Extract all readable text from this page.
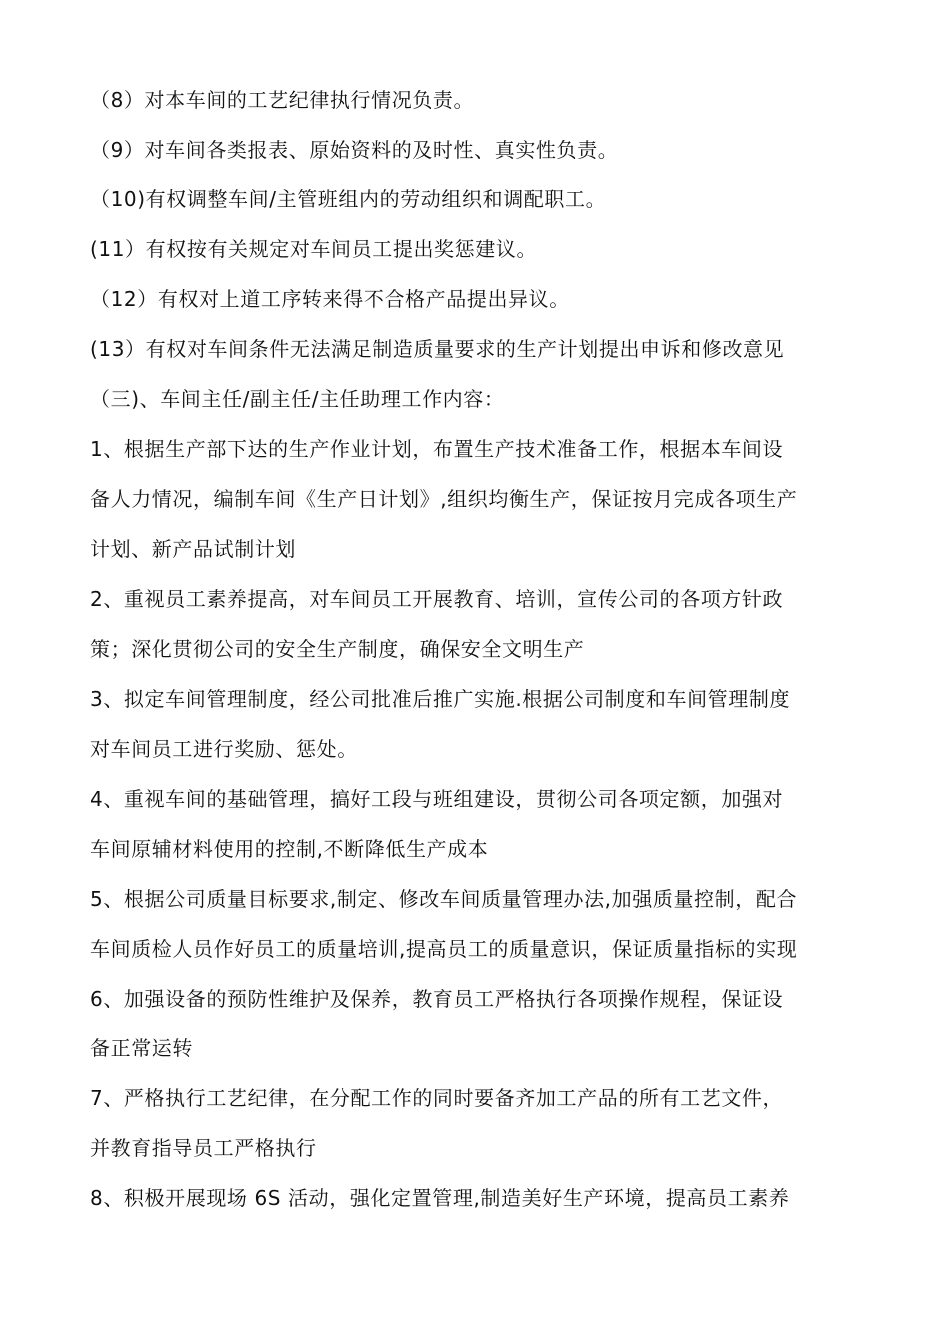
（8）对本车间的工艺纪律执行情况负责。
（9）对车间各类报表、原始资料的及时性、真实性负责。
（10)有权调整车间/主管班组内的劳动组织和调配职工。
(11）有权按有关规定对车间员工提出奖惩建议。
（12）有权对上道工序转来得不合格产品提出异议。
(13）有权对车间条件无法满足制造质量要求的生产计划提出申诉和修改意见
（三)、车间主任/副主任/主任助理工作内容：
1、根据生产部下达的生产作业计划，布置生产技术准备工作，根据本车间设
备人力情况，编制车间《生产日计划》,组织均衡生产，保证按月完成各项生产
计划、新产品试制计划
2、重视员工素养提高，对车间员工开展教育、培训，宣传公司的各项方针政
策；深化贯彻公司的安全生产制度，确保安全文明生产
3、拟定车间管理制度，经公司批准后推广实施.根据公司制度和车间管理制度
对车间员工进行奖励、惩处。
4、重视车间的基础管理，搞好工段与班组建设，贯彻公司各项定额，加强对
车间原辅材料使用的控制,不断降低生产成本
5、根据公司质量目标要求,制定、修改车间质量管理办法,加强质量控制，配合
车间质检人员作好员工的质量培训,提高员工的质量意识，保证质量指标的实现
6、加强设备的预防性维护及保养，教育员工严格执行各项操作规程，保证设
备正常运转
7、严格执行工艺纪律，在分配工作的同时要备齐加工产品的所有工艺文件，
并教育指导员工严格执行
8、积极开展现场 6S 活动，强化定置管理,制造美好生产环境，提高员工素养
